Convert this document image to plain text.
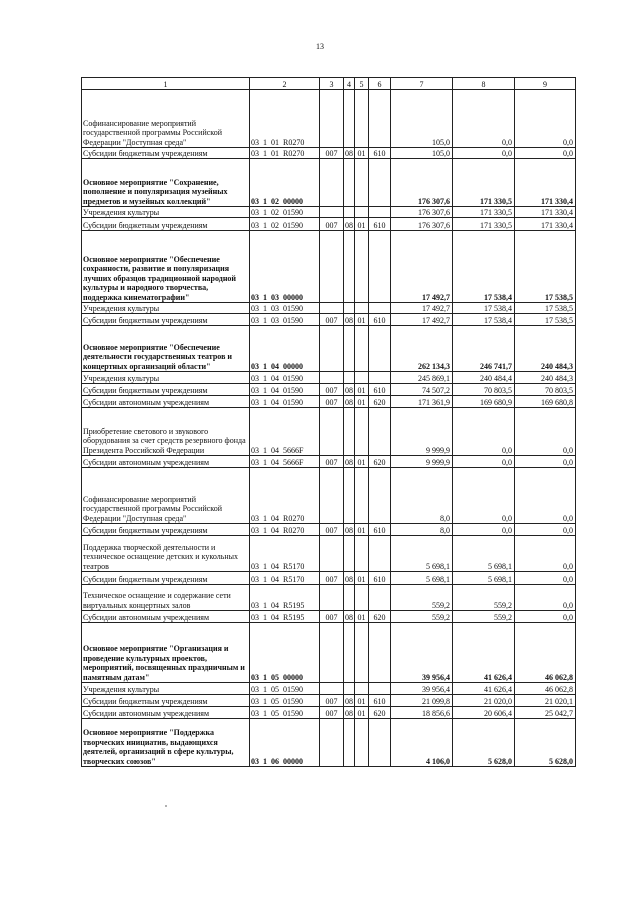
13
1	2	3	4	5	6	7	8	9
Софинансирование мероприятий государственной программы Российской Федерации "Доступная среда"	03  1  01  R0270					105,0	0,0	0,0
Субсидии бюджетным учреждениям	03  1  01  R0270	007	08	01	610	105,0	0,0	0,0
Основное мероприятие "Сохранение, пополнение и популяризация музейных предметов и музейных коллекций"	03  1  02  00000					176 307,6	171 330,5	171 330,4
Учреждения культуры	03  1  02  01590					176 307,6	171 330,5	171 330,4
Субсидии бюджетным учреждениям	03  1  02  01590	007	08	01	610	176 307,6	171 330,5	171 330,4
Основное мероприятие "Обеспечение сохранности, развитие и популяризация лучших образцов традиционной народной культуры и народного творчества, поддержка кинематографии"	03  1  03  00000					17 492,7	17 538,4	17 538,5
Учреждения культуры	03  1  03  01590					17 492,7	17 538,4	17 538,5
Субсидии бюджетным учреждениям	03  1  03  01590	007	08	01	610	17 492,7	17 538,4	17 538,5
Основное мероприятие "Обеспечение деятельности государственных театров и концертных организаций области"	03  1  04  00000					262 134,3	246 741,7	240 484,3
Учреждения культуры	03  1  04  01590					245 869,1	240 484,4	240 484,3
Субсидии бюджетным учреждениям	03  1  04  01590	007	08	01	610	74 507,2	70 803,5	70 803,5
Субсидии автономным учреждениям	03  1  04  01590	007	08	01	620	171 361,9	169 680,9	169 680,8
Приобретение светового и звукового оборудования за счет средств резервного фонда Президента Российской Федерации	03  1  04  5666F					9 999,9	0,0	0,0
Субсидии автономным учреждениям	03  1  04  5666F	007	08	01	620	9 999,9	0,0	0,0
Софинансирование мероприятий государственной программы Российской Федерации "Доступная среда"	03  1  04  R0270					8,0	0,0	0,0
Субсидии бюджетным учреждениям	03  1  04  R0270	007	08	01	610	8,0	0,0	0,0
Поддержка творческой деятельности и техническое оснащение детских и кукольных театров	03  1  04  R5170					5 698,1	5 698,1	0,0
Субсидии бюджетным учреждениям	03  1  04  R5170	007	08	01	610	5 698,1	5 698,1	0,0
Техническое оснащение и содержание сети виртуальных концертных залов	03  1  04  R5195					559,2	559,2	0,0
Субсидии автономным учреждениям	03  1  04  R5195	007	08	01	620	559,2	559,2	0,0
Основное мероприятие "Организация и проведение культурных проектов, мероприятий, посвященных праздничным и памятным датам"	03  1  05  00000					39 956,4	41 626,4	46 062,8
Учреждения культуры	03  1  05  01590					39 956,4	41 626,4	46 062,8
Субсидии бюджетным учреждениям	03  1  05  01590	007	08	01	610	21 099,8	21 020,0	21 020,1
Субсидии автономным учреждениям	03  1  05  01590	007	08	01	620	18 856,6	20 606,4	25 042,7
Основное мероприятие "Поддержка творческих инициатив, выдающихся деятелей, организаций в сфере культуры, творческих союзов"	03  1  06  00000					4 106,0	5 628,0	5 628,0
